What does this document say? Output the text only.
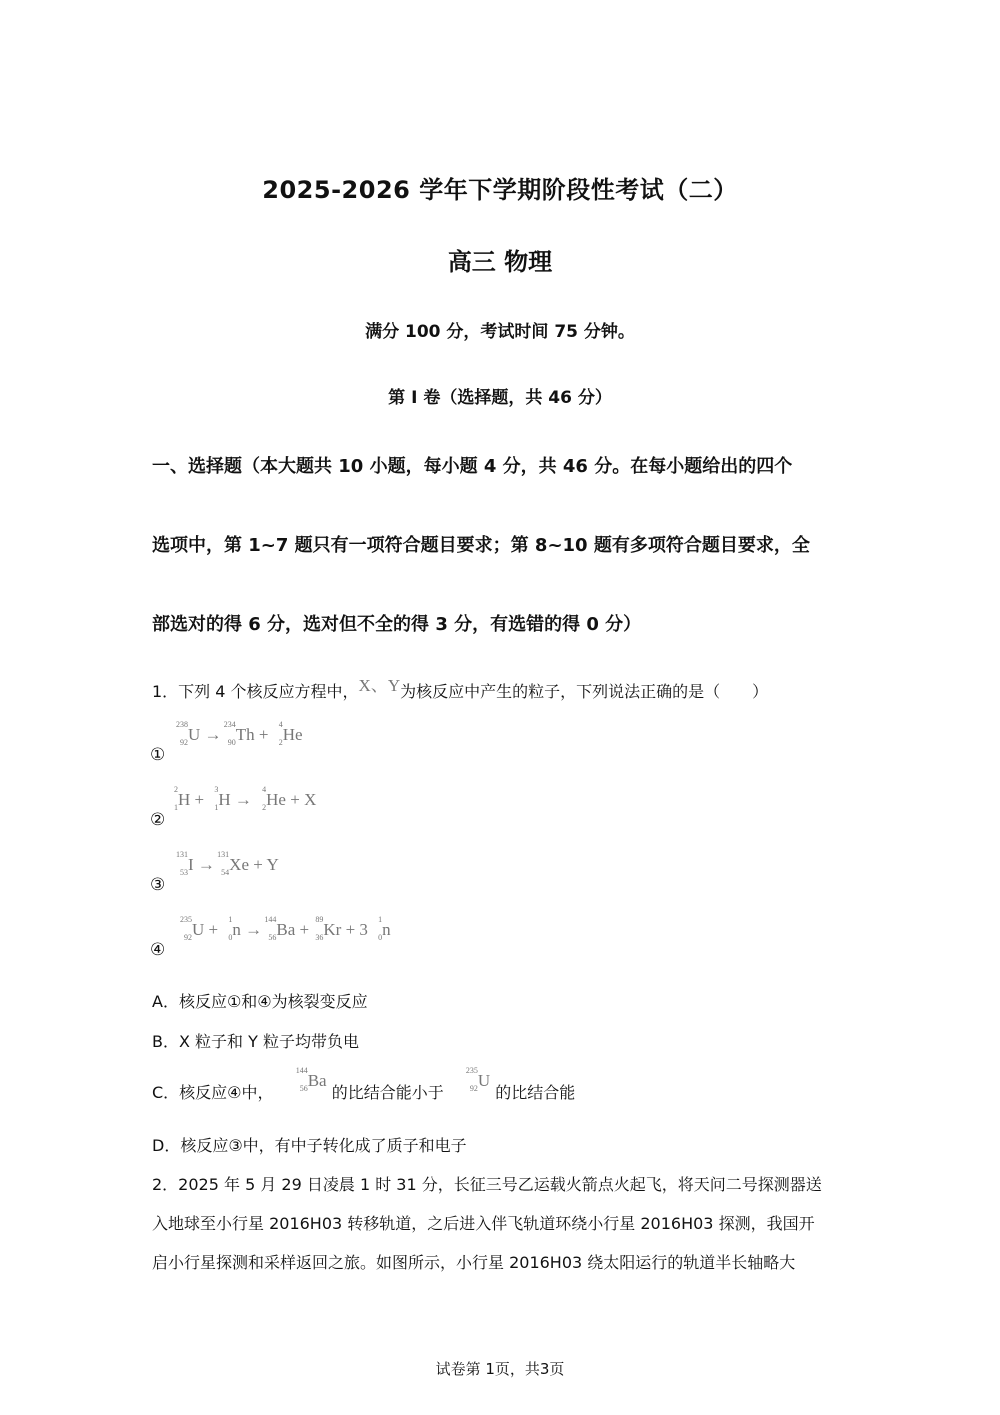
2025-2026 学年下学期阶段性考试（二）
高三 物理
满分 100 分，考试时间 75 分钟。
第 I 卷（选择题，共 46 分）
一、选择题（本大题共 10 小题，每小题 4 分，共 46 分。在每小题给出的四个
选项中，第 1~7 题只有一项符合题目要求；第 8~10 题有多项符合题目要求，全
部选对的得 6 分，选对但不全的得 3 分，有选错的得 0 分）
1．下列 4 个核反应方程中，X、Y为核反应中产生的粒子，下列说法正确的是（　　）
①
238
92 U →
234
90 Th +
4
2 He
②
2
1 H +
3
1 H →
4
2 He + X
③
131
53 I →
131
54 Xe + Y
④
235
92 U +
1
0 n →
144
56 Ba +
89
36 Kr + 3
1
0 n
A．核反应①和④为核裂变反应
B．X 粒子和 Y 粒子均带负电
C．核反应④中，
144
56 Ba 的比结合能小于
235
92 U 的比结合能
D．核反应③中，有中子转化成了质子和电子
2．2025 年 5 月 29 日凌晨 1 时 31 分，长征三号乙运载火箭点火起飞，将天问二号探测器送
入地球至小行星 2016H03 转移轨道，之后进入伴飞轨道环绕小行星 2016H03 探测，我国开
启小行星探测和采样返回之旅。如图所示，小行星 2016H03 绕太阳运行的轨道半长轴略大
试卷第 1页，共3页
